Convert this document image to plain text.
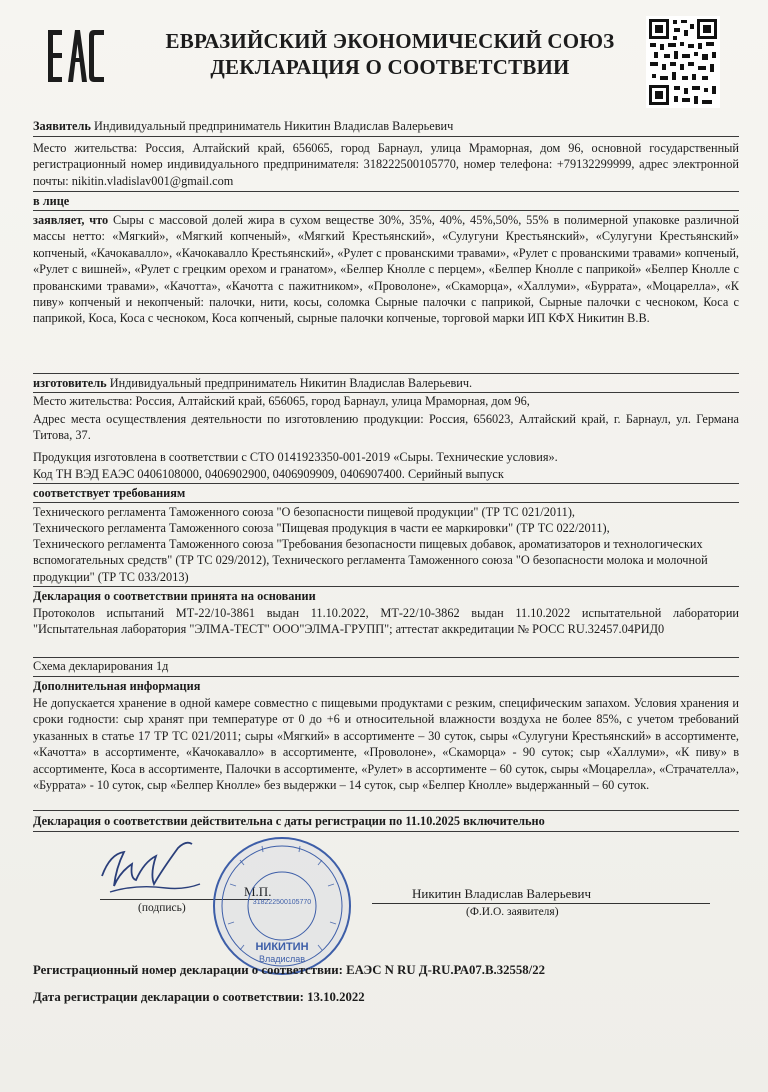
ЕВРАЗИЙСКИЙ ЭКОНОМИЧЕСКИЙ СОЮЗ
ДЕКЛАРАЦИЯ О СООТВЕТСТВИИ
Заявитель Индивидуальный предприниматель Никитин Владислав Валерьевич
Место жительства: Россия, Алтайский край, 656065, город Барнаул, улица Мраморная, дом 96, основной государственный регистрационный номер индивидуального предпринимателя: 318222500105770, номер телефона: +79132299999, адрес электронной почты: nikitin.vladislav001@gmail.com
в лице
заявляет, что Сыры с массовой долей жира в сухом веществе 30%, 35%, 40%, 45%,50%, 55% в полимерной упаковке различной массы нетто: «Мягкий», «Мягкий копченый», «Мягкий Крестьянский», «Сулугуни Крестьянский», «Сулугуни Крестьянский» копченый, «Качокавалло», «Качокавалло Крестьянский», «Рулет с прованскими травами», «Рулет с прованскими травами» копченый, «Рулет с вишней», «Рулет с грецким орехом и гранатом», «Белпер Кнолле с перцем», «Белпер Кнолле с паприкой» «Белпер Кнолле с прованскими травами», «Качотта», «Качотта с пажитником», «Проволоне», «Скаморца», «Халлуми», «Буррата», «Моцарелла», «К пиву» копченый и некопченый: палочки, нити, косы, соломка Сырные палочки с паприкой, Сырные палочки с чесноком, Коса с паприкой, Коса, Коса с чесноком, Коса копченый, сырные палочки копченые, торговой марки ИП КФХ Никитин В.В.
изготовитель Индивидуальный предприниматель Никитин Владислав Валерьевич.
Место жительства: Россия, Алтайский край, 656065, город Барнаул, улица Мраморная, дом 96,
Адрес места осуществления деятельности по изготовлению продукции: Россия, 656023, Алтайский край, г. Барнаул, ул. Германа Титова, 37.
Продукция изготовлена в соответствии с СТО 0141923350-001-2019 «Сыры. Технические условия».
Код ТН ВЭД ЕАЭС 0406108000, 0406902900, 0406909909, 0406907400. Серийный выпуск
соответствует требованиям
Технического регламента Таможенного союза "О безопасности пищевой продукции" (ТР ТС 021/2011),
Технического регламента Таможенного союза "Пищевая продукция в части ее маркировки" (ТР ТС 022/2011),
Технического регламента Таможенного союза "Требования безопасности пищевых добавок, ароматизаторов и технологических вспомогательных средств" (ТР ТС 029/2012), Технического регламента Таможенного союза "О безопасности молока и молочной продукции" (ТР ТС 033/2013)
Декларация о соответствии принята на основании
Протоколов испытаний МТ-22/10-3861 выдан 11.10.2022, МТ-22/10-3862 выдан 11.10.2022 испытательной лаборатории "Испытательная лаборатория "ЭЛМА-ТЕСТ" ООО"ЭЛМА-ГРУПП"; аттестат аккредитации № РОСС RU.32457.04РИД0
Схема декларирования 1д
Дополнительная информация
Не допускается хранение в одной камере совместно с пищевыми продуктами с резким, специфическим запахом. Условия хранения и сроки годности: сыр хранят при температуре от 0 до +6 и относительной влажности воздуха не более 85%, с учетом требований указанных в статье 17 ТР ТС 021/2011; сыры «Мягкий» в ассортименте – 30 суток, сыры «Сулугуни Крестьянский» в ассортименте, «Качотта» в ассортименте, «Качокавалло» в ассортименте, «Проволоне», «Скаморца» - 90 суток; сыр «Халлуми», «К пиву» в ассортименте, Коса в ассортименте, Палочки в ассортименте, «Рулет» в ассортименте – 60 суток, сыры «Моцарелла», «Страчателла», «Буррата» - 10 суток, сыр «Белпер Кнолле» без выдержки – 14 суток, сыр «Белпер Кнолле» выдержанный – 60 суток.
Декларация о соответствии действительна с даты регистрации по 11.10.2025 включительно
(подпись)	318222500105770
НИКИТИН
Владислав
Никитин Владислав Валерьевич
(Ф.И.О. заявителя)
Регистрационный номер декларации о соответствии: ЕАЭС N RU Д-RU.РА07.В.32558/22
Дата регистрации декларации о соответствии: 13.10.2022
